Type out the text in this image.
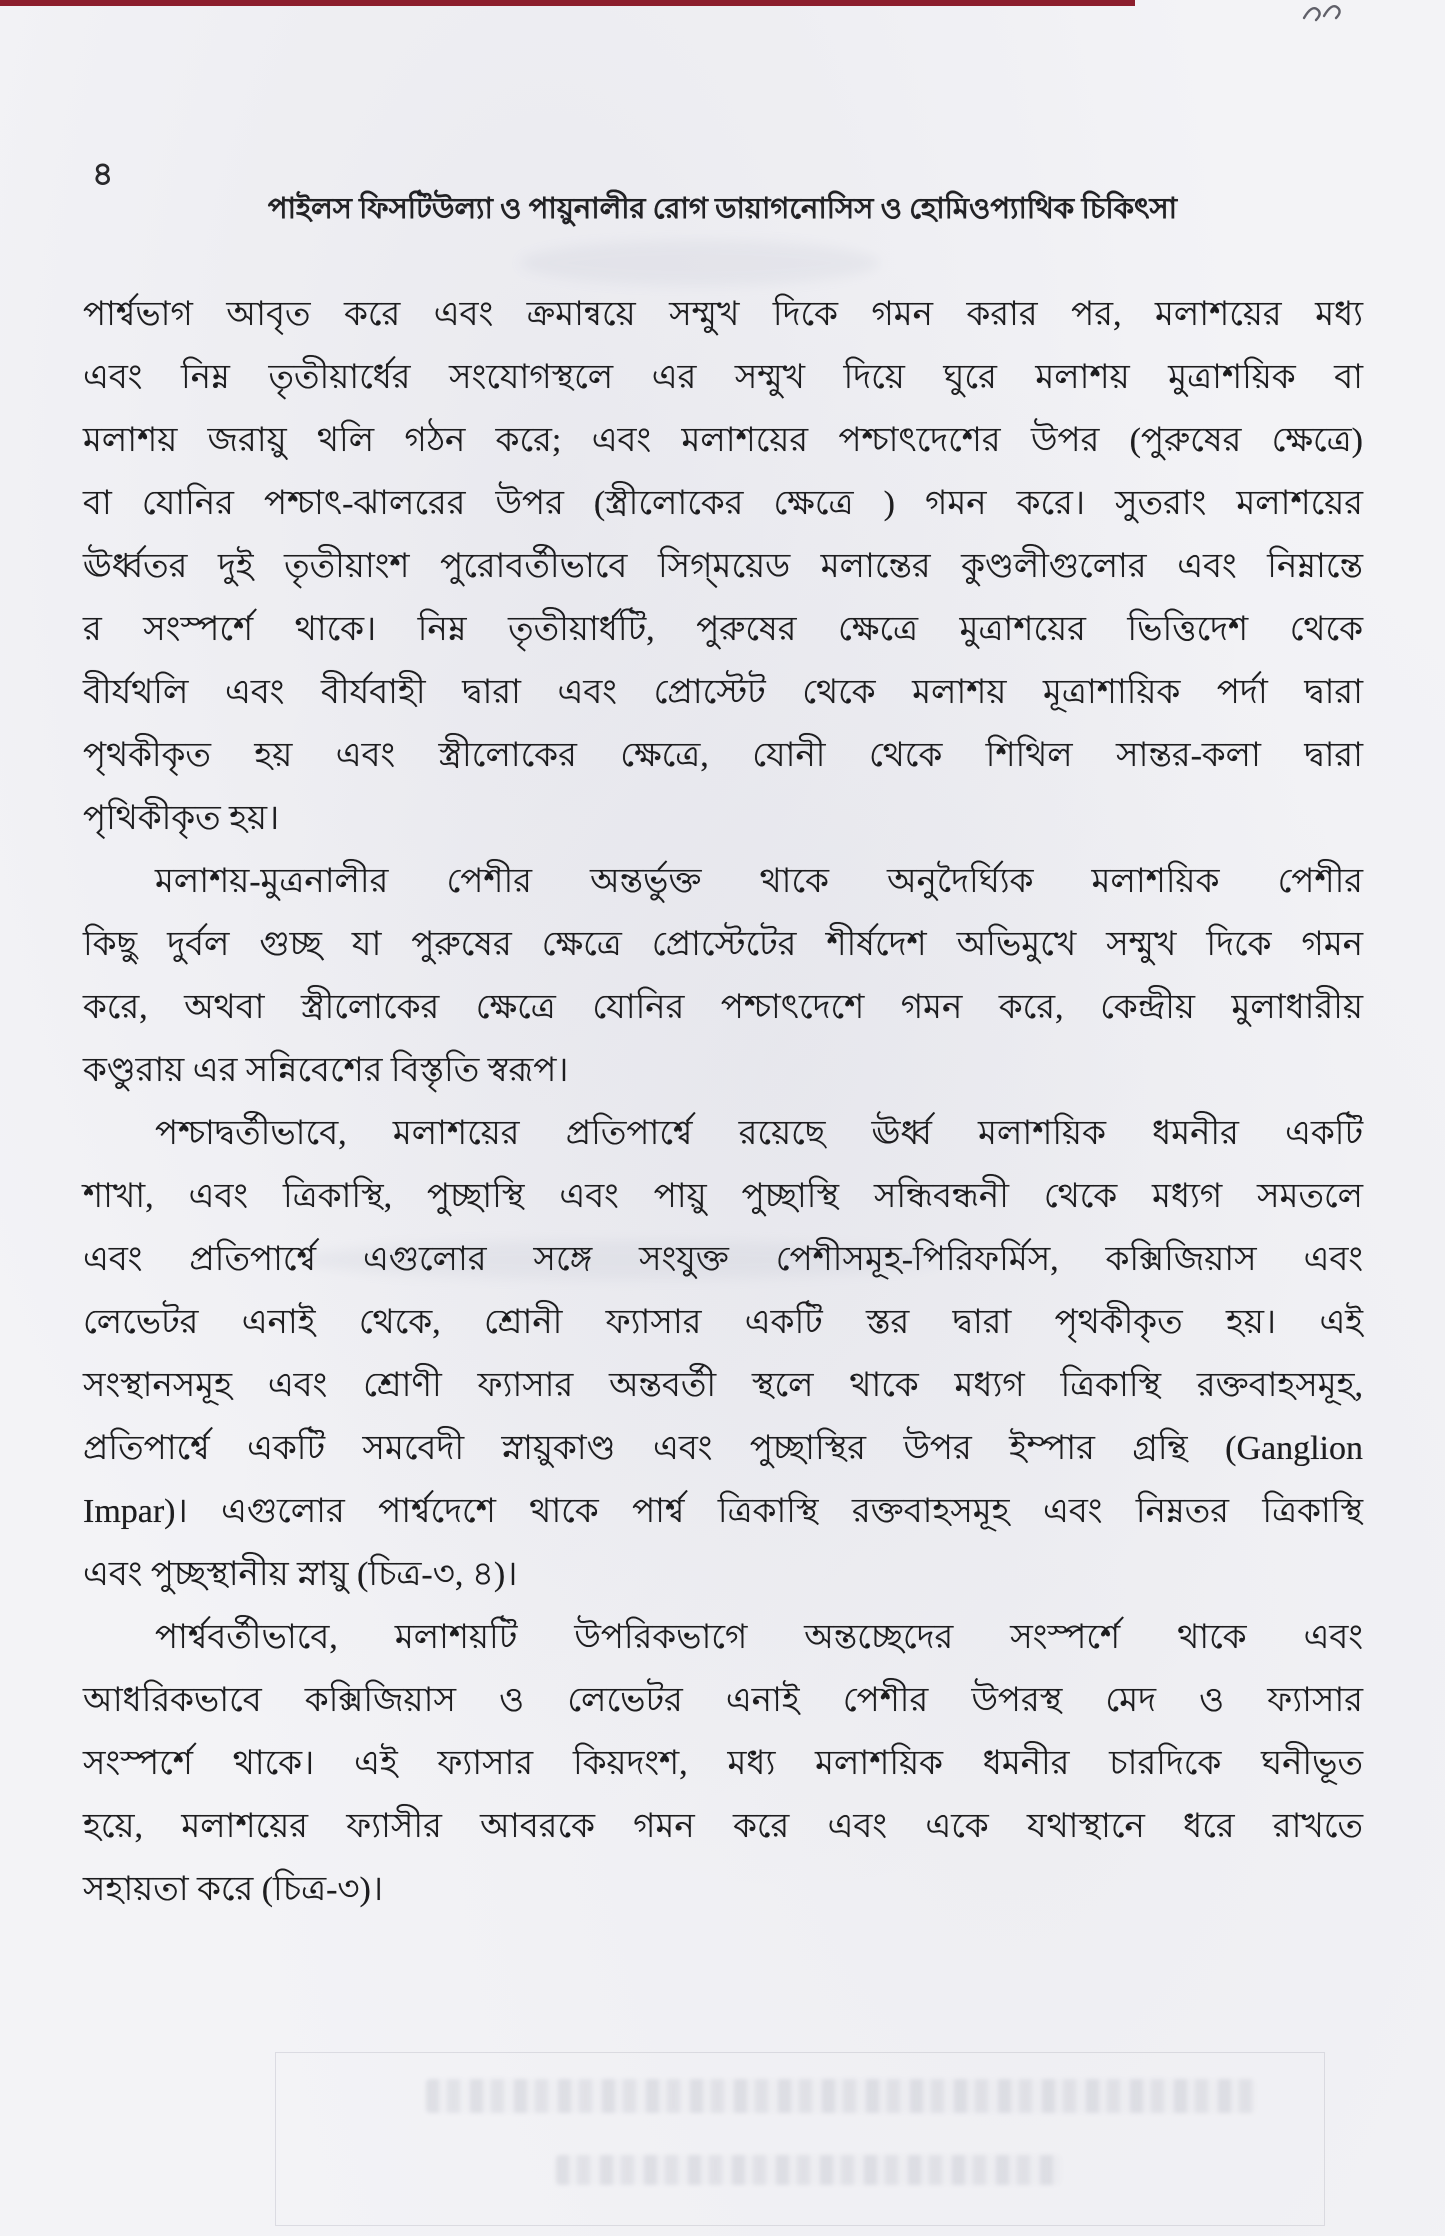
৪
পাইলস ফিসটিউল্যা ও পায়ুনালীর রোগ ডায়াগনোসিস ও হোমিওপ্যাথিক চিকিৎসা
পার্শ্বভাগ আবৃত করে এবং ক্রমান্বয়ে সম্মুখ দিকে গমন করার পর, মলাশয়ের মধ্য
এবং নিম্ন তৃতীয়ার্ধের সংযোগস্থলে এর সম্মুখ দিয়ে ঘুরে মলাশয় মুত্রাশয়িক বা
মলাশয় জরায়ু থলি গঠন করে; এবং মলাশয়ের পশ্চাৎদেশের উপর (পুরুষের ক্ষেত্রে)
বা যোনির পশ্চাৎ-ঝালরের উপর (স্ত্রীলোকের ক্ষেত্রে ) গমন করে। সুতরাং মলাশয়ের
ঊর্ধ্বতর দুই তৃতীয়াংশ পুরোবর্তীভাবে সিগ্‌ময়েড মলান্তের কুণ্ডলীগুলোর এবং নিম্নান্তে
র সংস্পর্শে থাকে। নিম্ন তৃতীয়ার্ধটি, পুরুষের ক্ষেত্রে মুত্রাশয়ের ভিত্তিদেশ থেকে
বীর্যথলি এবং বীর্যবাহী দ্বারা এবং প্রোস্টেট থেকে মলাশয় মূত্রাশায়িক পর্দা দ্বারা
পৃথকীকৃত হয় এবং স্ত্রীলোকের ক্ষেত্রে, যোনী থেকে শিথিল সান্তর-কলা দ্বারা
পৃথিকীকৃত হয়।
মলাশয়-মুত্রনালীর পেশীর অন্তর্ভুক্ত থাকে অনুদৈর্ঘ্যিক মলাশয়িক পেশীর
কিছু দুর্বল গুচ্ছ যা পুরুষের ক্ষেত্রে প্রোস্টেটের শীর্ষদেশ অভিমুখে সম্মুখ দিকে গমন
করে, অথবা স্ত্রীলোকের ক্ষেত্রে যোনির পশ্চাৎদেশে গমন করে, কেন্দ্রীয় মুলাধারীয়
কণ্ডুরায় এর সন্নিবেশের বিস্তৃতি স্বরূপ।
পশ্চাদ্বর্তীভাবে, মলাশয়ের প্রতিপার্শ্বে রয়েছে ঊর্ধ্ব মলাশয়িক ধমনীর একটি
শাখা, এবং ত্রিকাস্থি, পুচ্ছাস্থি এবং পায়ু পুচ্ছাস্থি সন্ধিবন্ধনী থেকে মধ্যগ সমতলে
এবং প্রতিপার্শ্বে এগুলোর সঙ্গে সংযুক্ত পেশীসমূহ-পিরিফর্মিস, কক্সিজিয়াস এবং
লেভেটর এনাই থেকে, শ্রোনী ফ্যাসার একটি স্তর দ্বারা পৃথকীকৃত হয়। এই
সংস্থানসমূহ এবং শ্রোণী ফ্যাসার অন্তবর্তী স্থলে থাকে মধ্যগ ত্রিকাস্থি রক্তবাহসমূহ,
প্রতিপার্শ্বে একটি সমবেদী স্নায়ুকাণ্ড এবং পুচ্ছাস্থির উপর ইম্পার গ্রন্থি (Ganglion
Impar)। এগুলোর পার্শ্বদেশে থাকে পার্শ্ব ত্রিকাস্থি রক্তবাহসমূহ এবং নিম্নতর ত্রিকাস্থি
এবং পুচ্ছস্থানীয় স্নায়ু (চিত্র-৩, ৪)।
পার্শ্ববর্তীভাবে, মলাশয়টি উপরিকভাগে অন্তচ্ছেদের সংস্পর্শে থাকে এবং
আধরিকভাবে কক্সিজিয়াস ও লেভেটর এনাই পেশীর উপরস্থ মেদ ও ফ্যাসার
সংস্পর্শে থাকে। এই ফ্যাসার কিয়দংশ, মধ্য মলাশয়িক ধমনীর চারদিকে ঘনীভূত
হয়ে, মলাশয়ের ফ্যাসীর আবরকে গমন করে এবং একে যথাস্থানে ধরে রাখতে
সহায়তা করে (চিত্র-৩)।
